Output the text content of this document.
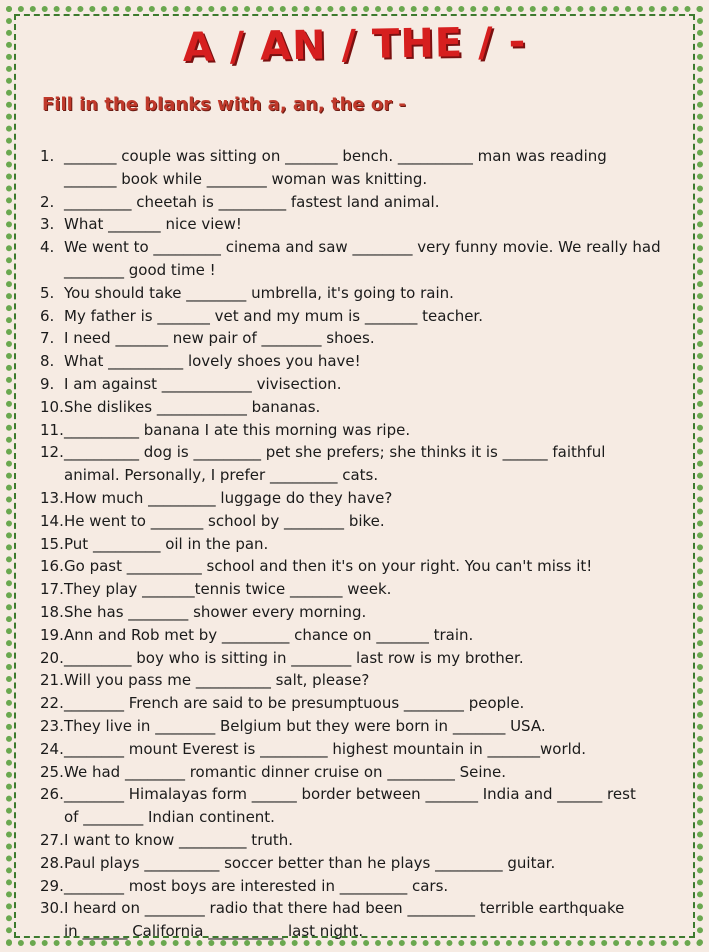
A / AN / THE / -
Fill in the blanks with a, an, the or -
1. _______ couple was sitting on _______ bench. __________ man was reading
_______ book while ________ woman was knitting.
2. _________ cheetah is _________ fastest land animal.
3. What _______ nice view!
4. We went to _________ cinema and saw ________ very funny movie. We really had
________ good time !
5. You should take ________ umbrella, it's going to rain.
6. My father is _______ vet and my mum is _______ teacher.
7. I need _______ new pair of ________ shoes.
8. What __________ lovely shoes you have!
9. I am against ____________ vivisection.
10.She dislikes ____________ bananas.
11.__________ banana I ate this morning was ripe.
12.__________ dog is _________ pet she prefers; she thinks it is ______ faithful
animal. Personally, I prefer _________ cats.
13.How much _________ luggage do they have?
14.He went to _______ school by ________ bike.
15.Put _________ oil in the pan.
16.Go past __________ school and then it's on your right. You can't miss it!
17.They play _______tennis twice _______ week.
18.She has ________ shower every morning.
19.Ann and Rob met by _________ chance on _______ train.
20._________ boy who is sitting in ________ last row is my brother.
21.Will you pass me __________ salt, please?
22.________ French are said to be presumptuous ________ people.
23.They live in ________ Belgium but they were born in _______ USA.
24.________ mount Everest is _________ highest mountain in _______world.
25.We had ________ romantic dinner cruise on _________ Seine.
26.________ Himalayas form ______ border between _______ India and ______ rest
of ________ Indian continent.
27.I want to know _________ truth.
28.Paul plays __________ soccer better than he plays _________ guitar.
29.________ most boys are interested in _________ cars.
30.I heard on ________ radio that there had been _________ terrible earthquake
in ______ California __________ last night.
